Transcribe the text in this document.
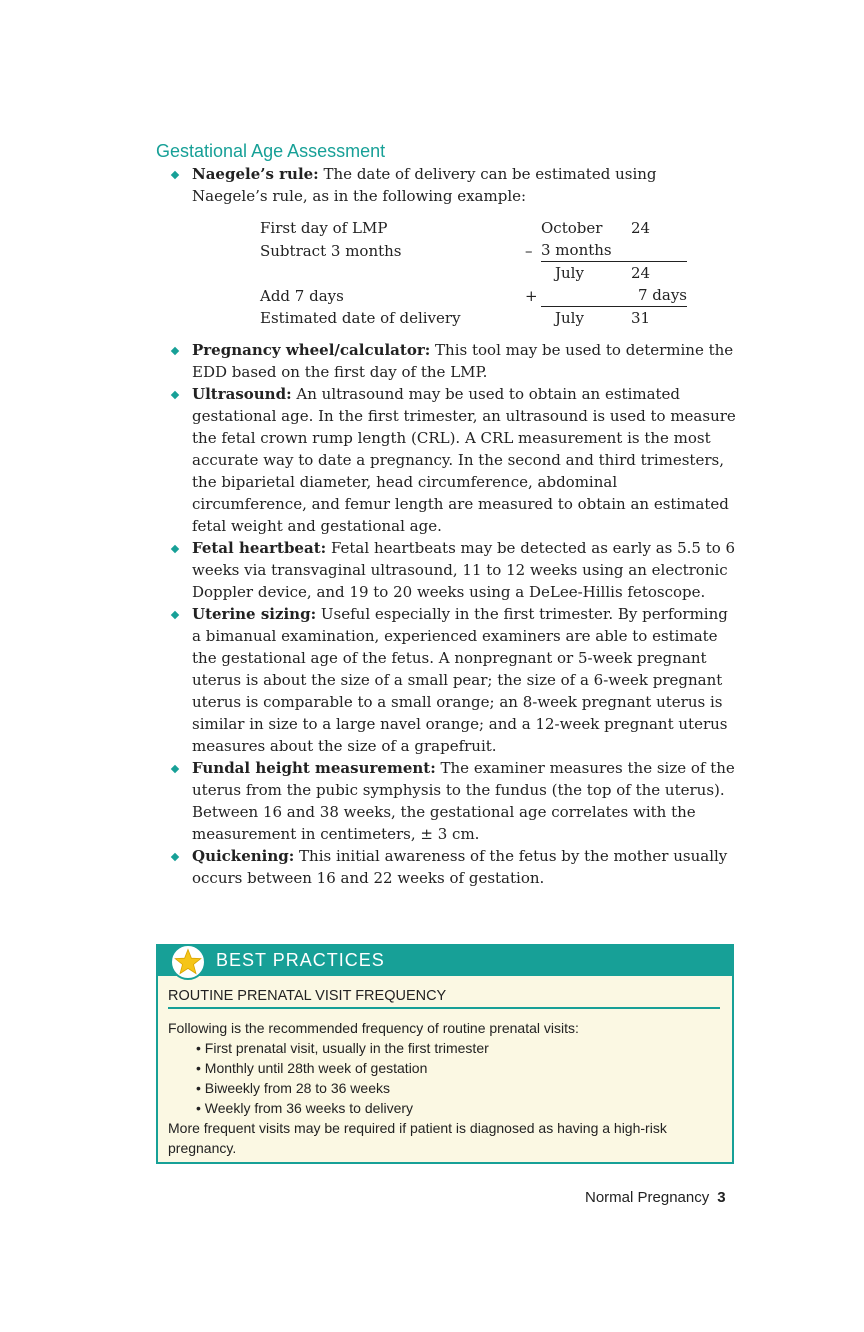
Gestational Age Assessment
Naegele’s rule: The date of delivery can be estimated using Naegele’s rule, as in the following example:
First day of LMP		October	24
Subtract 3 months	–	3 months	
		July	24
Add 7 days	+	7 days	
Estimated date of delivery		July	31
Pregnancy wheel/calculator: This tool may be used to determine the EDD based on the first day of the LMP.
Ultrasound: An ultrasound may be used to obtain an estimated gestational age. In the first trimester, an ultrasound is used to measure the fetal crown rump length (CRL). A CRL measurement is the most accurate way to date a pregnancy. In the second and third trimesters, the biparietal diameter, head circumference, abdominal circumference, and femur length are measured to obtain an estimated fetal weight and gestational age.
Fetal heartbeat: Fetal heartbeats may be detected as early as 5.5 to 6 weeks via transvaginal ultrasound, 11 to 12 weeks using an electronic Doppler device, and 19 to 20 weeks using a DeLee-Hillis fetoscope.
Uterine sizing: Useful especially in the first trimester. By performing a bimanual examination, experienced examiners are able to estimate the gestational age of the fetus. A nonpregnant or 5-week pregnant uterus is about the size of a small pear; the size of a 6-week pregnant uterus is comparable to a small orange; an 8-week pregnant uterus is similar in size to a large navel orange; and a 12-week pregnant uterus measures about the size of a grapefruit.
Fundal height measurement: The examiner measures the size of the uterus from the pubic symphysis to the fundus (the top of the uterus). Between 16 and 38 weeks, the gestational age correlates with the measurement in centimeters, ± 3 cm.
Quickening: This initial awareness of the fetus by the mother usually occurs between 16 and 22 weeks of gestation.
BEST PRACTICES
ROUTINE PRENATAL VISIT FREQUENCY

Following is the recommended frequency of routine prenatal visits:

• First prenatal visit, usually in the first trimester
• Monthly until 28th week of gestation
• Biweekly from 28 to 36 weeks
• Weekly from 36 weeks to delivery

More frequent visits may be required if patient is diagnosed as having a high-risk pregnancy.

Normal Pregnancy 3
